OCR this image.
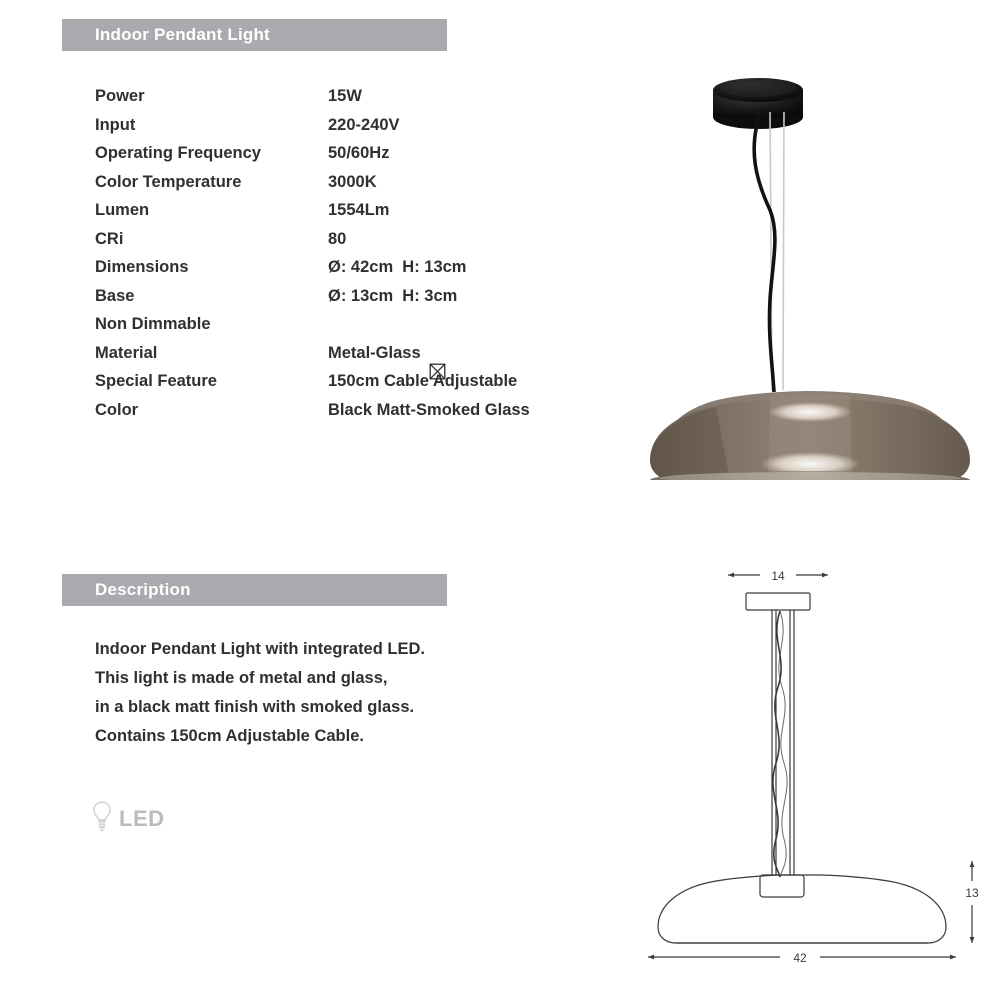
Indoor Pendant Light
Power	15W
Input	220-240V
Operating Frequency	50/60Hz
Color Temperature	3000K
Lumen	1554Lm
CRi	80
Dimensions	Ø: 42cm  H: 13cm
Base	Ø: 13cm  H: 3cm
Non Dimmable

Material	Metal-Glass
Special Feature	150cm Cable Adjustable
Color	Black Matt-Smoked Glass
Description
Indoor Pendant Light with integrated LED.
This light is made of metal and glass,
in a black matt finish with smoked glass.
Contains 150cm Adjustable Cable.
LED
14
13
42
